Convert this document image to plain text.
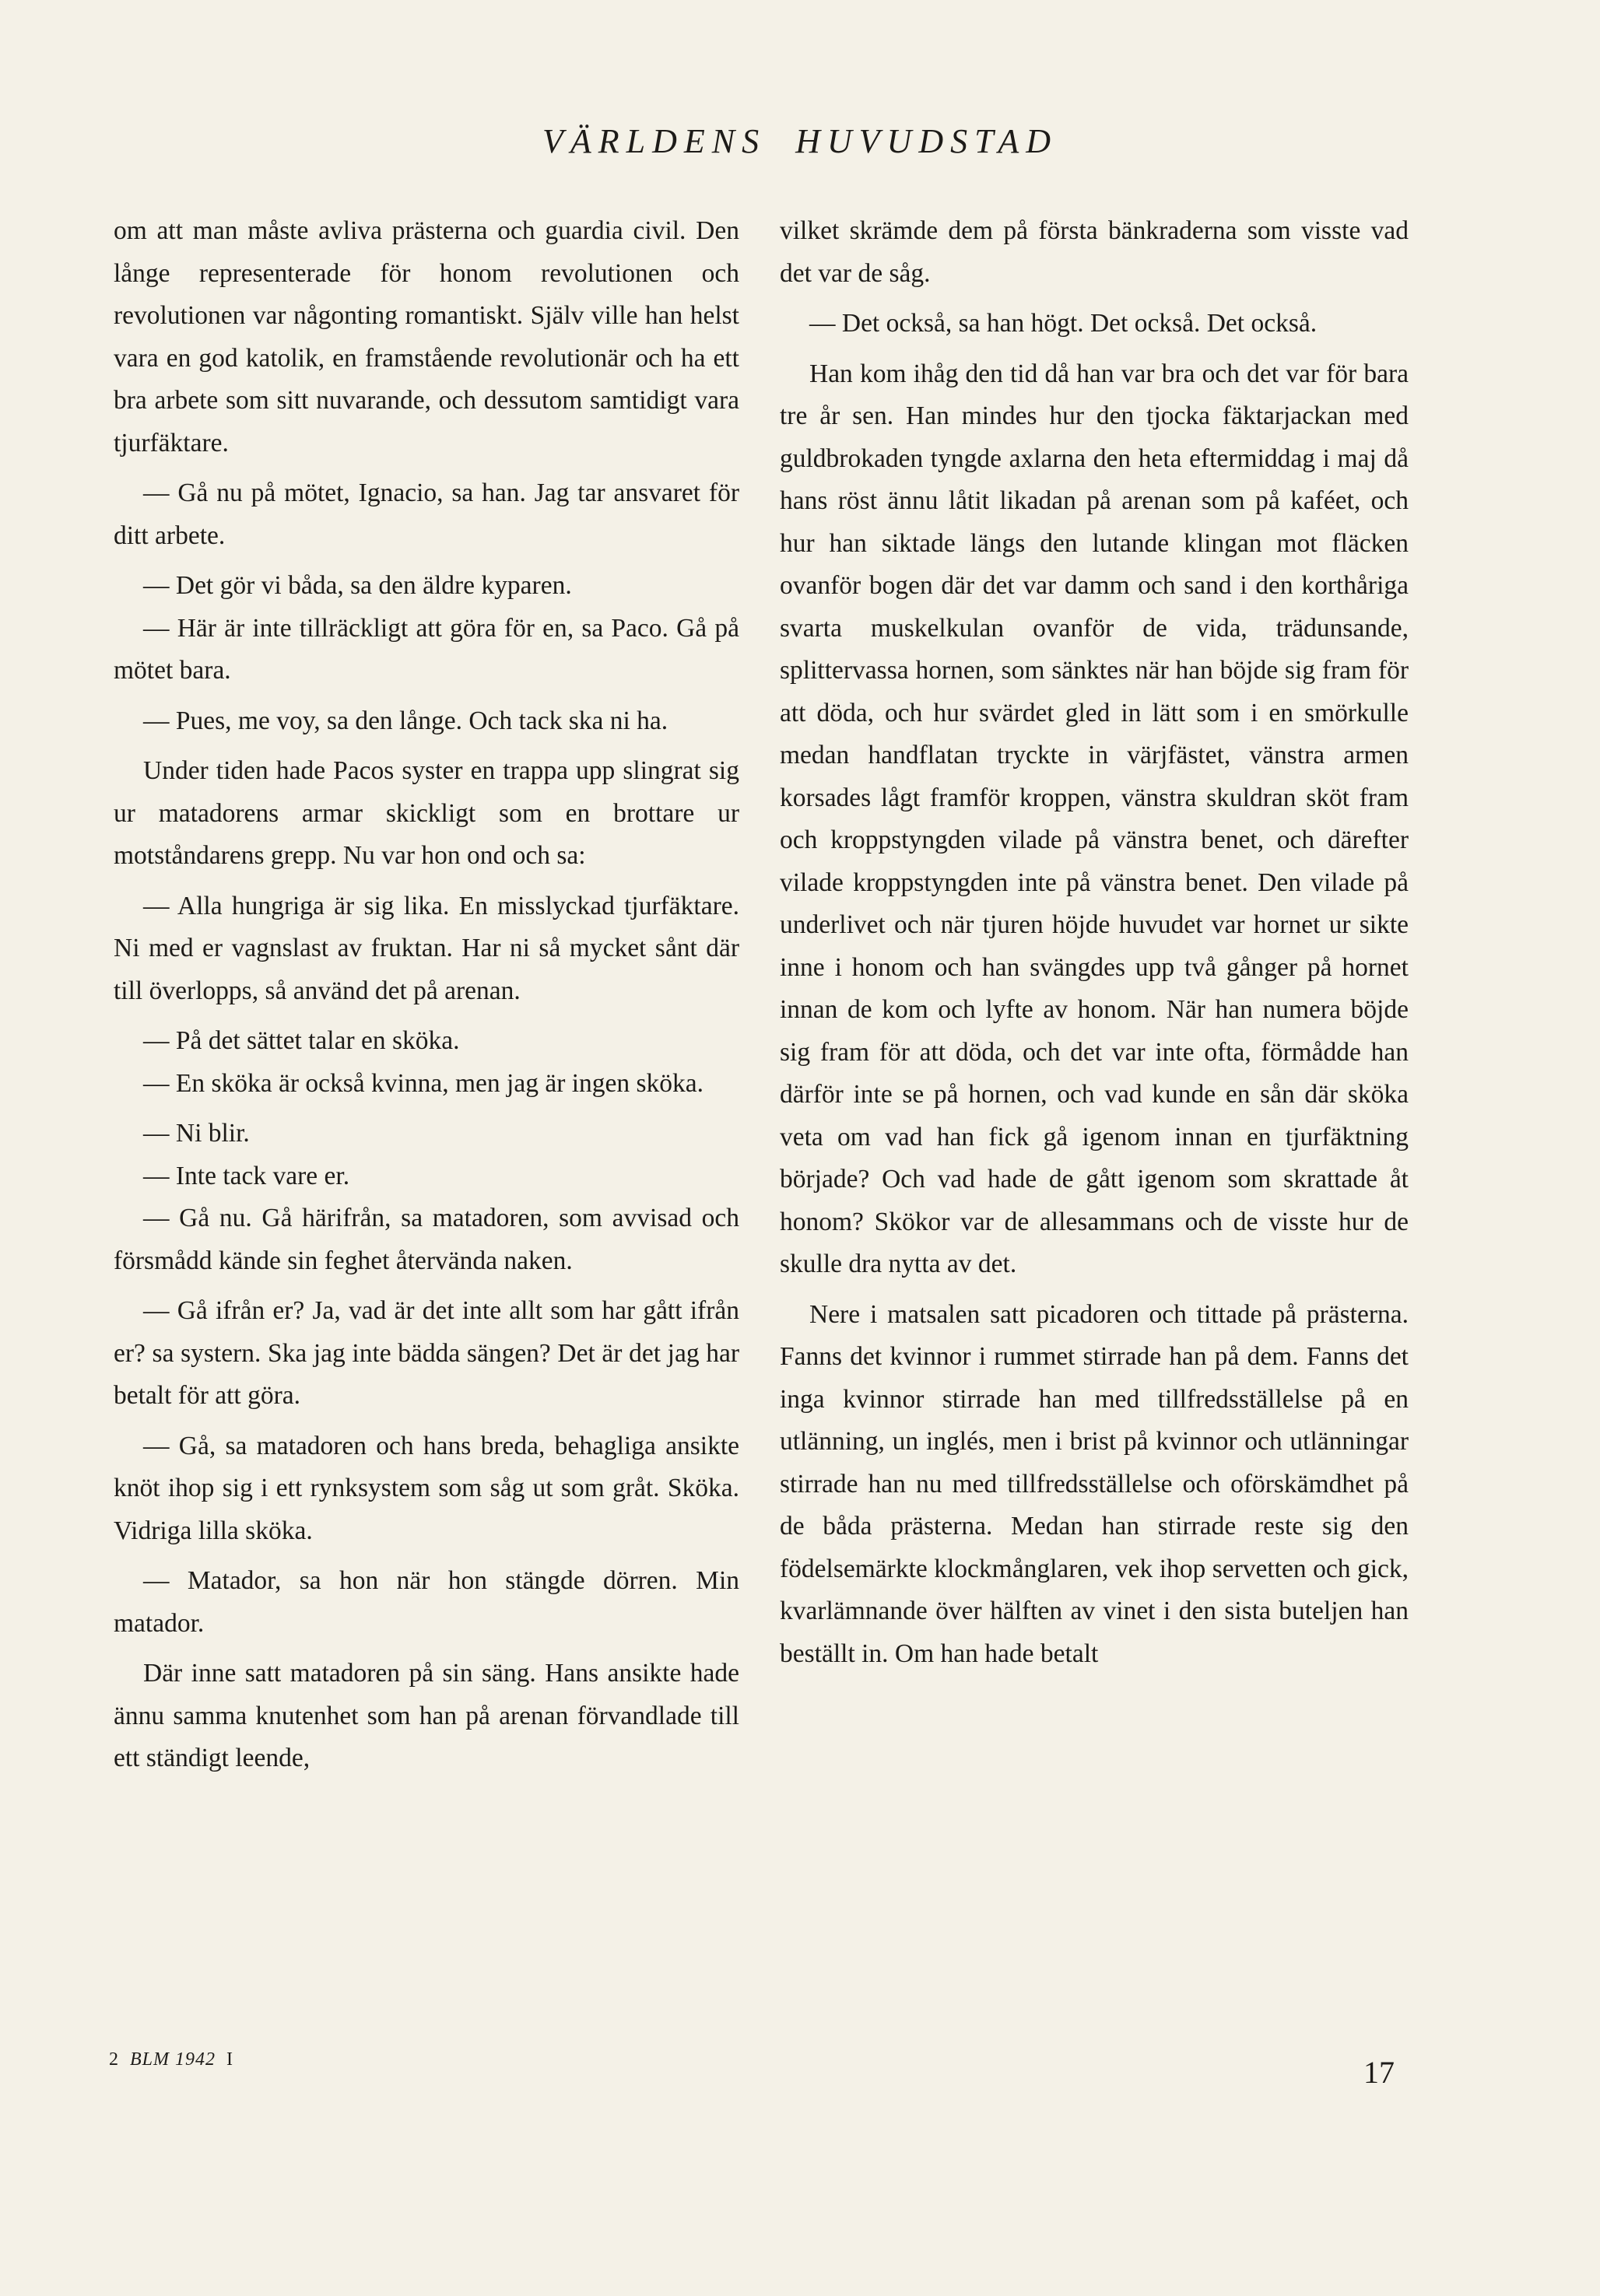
VÄRLDENS HUVUDSTAD

om att man måste avliva prästerna och guardia civil. Den långe representerade för honom revolutionen och revolutionen var någonting romantiskt. Själv ville han helst vara en god katolik, en framstående revolutionär och ha ett bra arbete som sitt nuvarande, och dessutom samtidigt vara tjurfäktare.

— Gå nu på mötet, Ignacio, sa han. Jag tar ansvaret för ditt arbete.

— Det gör vi båda, sa den äldre kyparen.

— Här är inte tillräckligt att göra för en, sa Paco. Gå på mötet bara.

— Pues, me voy, sa den långe. Och tack ska ni ha.

Under tiden hade Pacos syster en trappa upp slingrat sig ur matadorens armar skickligt som en brottare ur motståndarens grepp. Nu var hon ond och sa:

— Alla hungriga är sig lika. En misslyckad tjurfäktare. Ni med er vagnslast av fruktan. Har ni så mycket sånt där till överlopps, så använd det på arenan.

— På det sättet talar en sköka.

— En sköka är också kvinna, men jag är ingen sköka.

— Ni blir.

— Inte tack vare er.

— Gå nu. Gå härifrån, sa matadoren, som avvisad och försmådd kände sin feghet återvända naken.

— Gå ifrån er? Ja, vad är det inte allt som har gått ifrån er? sa systern. Ska jag inte bädda sängen? Det är det jag har betalt för att göra.

— Gå, sa matadoren och hans breda, behagliga ansikte knöt ihop sig i ett rynksystem som såg ut som gråt. Sköka. Vidriga lilla sköka.

— Matador, sa hon när hon stängde dörren. Min matador.

Där inne satt matadoren på sin säng. Hans ansikte hade ännu samma knutenhet som han på arenan förvandlade till ett ständigt leende,

vilket skrämde dem på första bänkraderna som visste vad det var de såg.

— Det också, sa han högt. Det också. Det också.

Han kom ihåg den tid då han var bra och det var för bara tre år sen. Han mindes hur den tjocka fäktarjackan med guldbrokaden tyngde axlarna den heta eftermiddag i maj då hans röst ännu låtit likadan på arenan som på kaféet, och hur han siktade längs den lutande klingan mot fläcken ovanför bogen där det var damm och sand i den korthåriga svarta muskelkulan ovanför de vida, trädunsande, splittervassa hornen, som sänktes när han böjde sig fram för att döda, och hur svärdet gled in lätt som i en smörkulle medan handflatan tryckte in värjfästet, vänstra armen korsades lågt framför kroppen, vänstra skuldran sköt fram och kroppstyngden vilade på vänstra benet, och därefter vilade kroppstyngden inte på vänstra benet. Den vilade på underlivet och när tjuren höjde huvudet var hornet ur sikte inne i honom och han svängdes upp två gånger på hornet innan de kom och lyfte av honom. När han numera böjde sig fram för att döda, och det var inte ofta, förmådde han därför inte se på hornen, och vad kunde en sån där sköka veta om vad han fick gå igenom innan en tjurfäktning började? Och vad hade de gått igenom som skrattade åt honom? Skökor var de allesammans och de visste hur de skulle dra nytta av det.

Nere i matsalen satt picadoren och tittade på prästerna. Fanns det kvinnor i rummet stirrade han på dem. Fanns det inga kvinnor stirrade han med tillfredsställelse på en utlänning, un inglés, men i brist på kvinnor och utlänningar stirrade han nu med tillfredsställelse och oförskämdhet på de båda prästerna. Medan han stirrade reste sig den födelsemärkte klockmånglaren, vek ihop servetten och gick, kvarlämnande över hälften av vinet i den sista buteljen han beställt in. Om han hade betalt

2 BLM 1942 I	17
